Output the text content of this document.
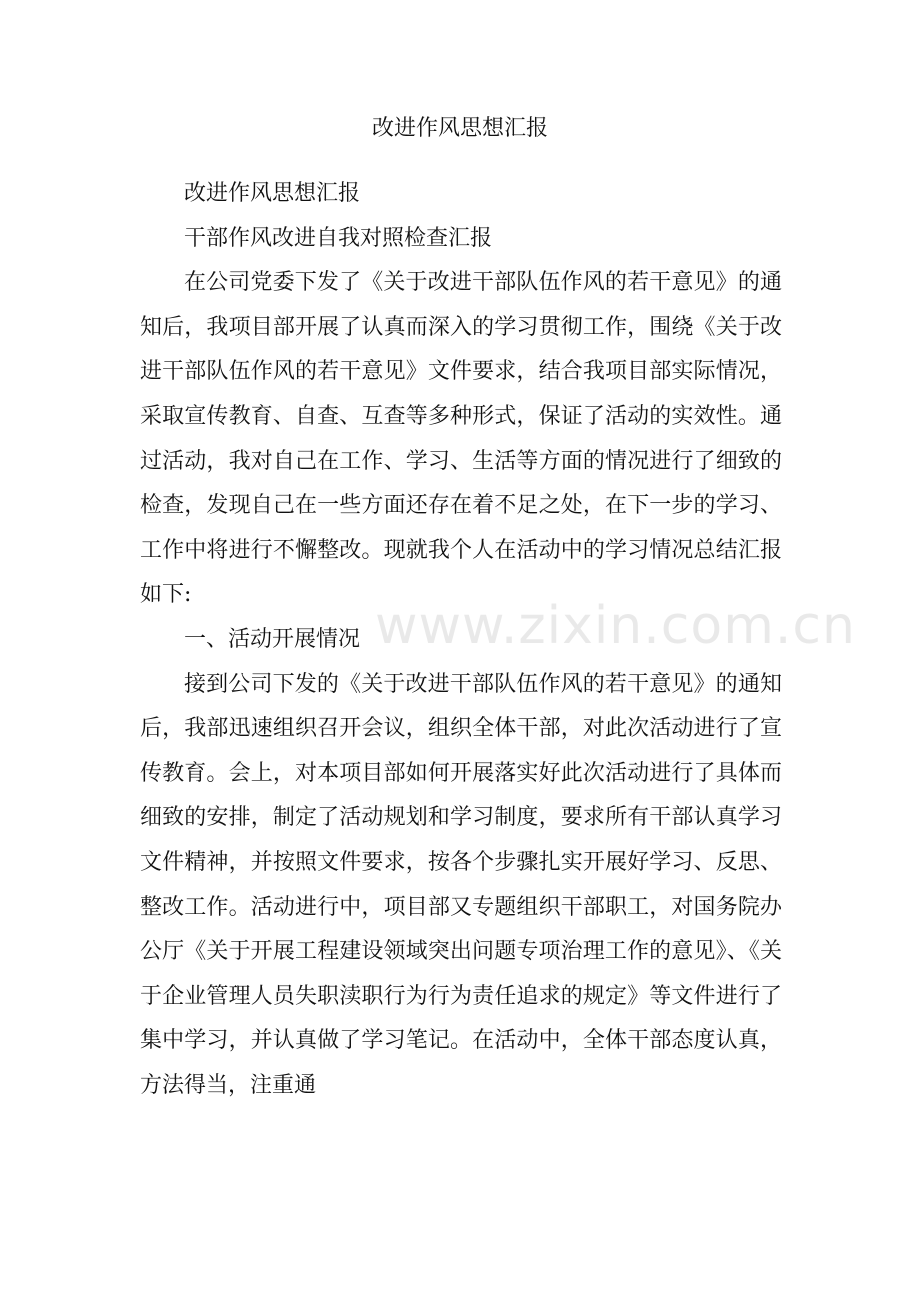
改进作风思想汇报

改进作风思想汇报

干部作风改进自我对照检查汇报

在公司党委下发了《关于改进干部队伍作风的若干意见》的通知后，我项目部开展了认真而深入的学习贯彻工作，围绕《关于改进干部队伍作风的若干意见》文件要求，结合我项目部实际情况，采取宣传教育、自查、互查等多种形式，保证了活动的实效性。通过活动，我对自己在工作、学习、生活等方面的情况进行了细致的检查，发现自己在一些方面还存在着不足之处，在下一步的学习、工作中将进行不懈整改。现就我个人在活动中的学习情况总结汇报如下:

一、活动开展情况

接到公司下发的《关于改进干部队伍作风的若干意见》的通知后，我部迅速组织召开会议，组织全体干部，对此次活动进行了宣传教育。会上，对本项目部如何开展落实好此次活动进行了具体而细致的安排，制定了活动规划和学习制度，要求所有干部认真学习文件精神，并按照文件要求，按各个步骤扎实开展好学习、反思、整改工作。活动进行中，项目部又专题组织干部职工，对国务院办公厅《关于开展工程建设领域突出问题专项治理工作的意见》、《关于企业管理人员失职渎职行为行为责任追求的规定》等文件进行了集中学习，并认真做了学习笔记。在活动中，全体干部态度认真，方法得当，注重通

www.zixin.com.cn
